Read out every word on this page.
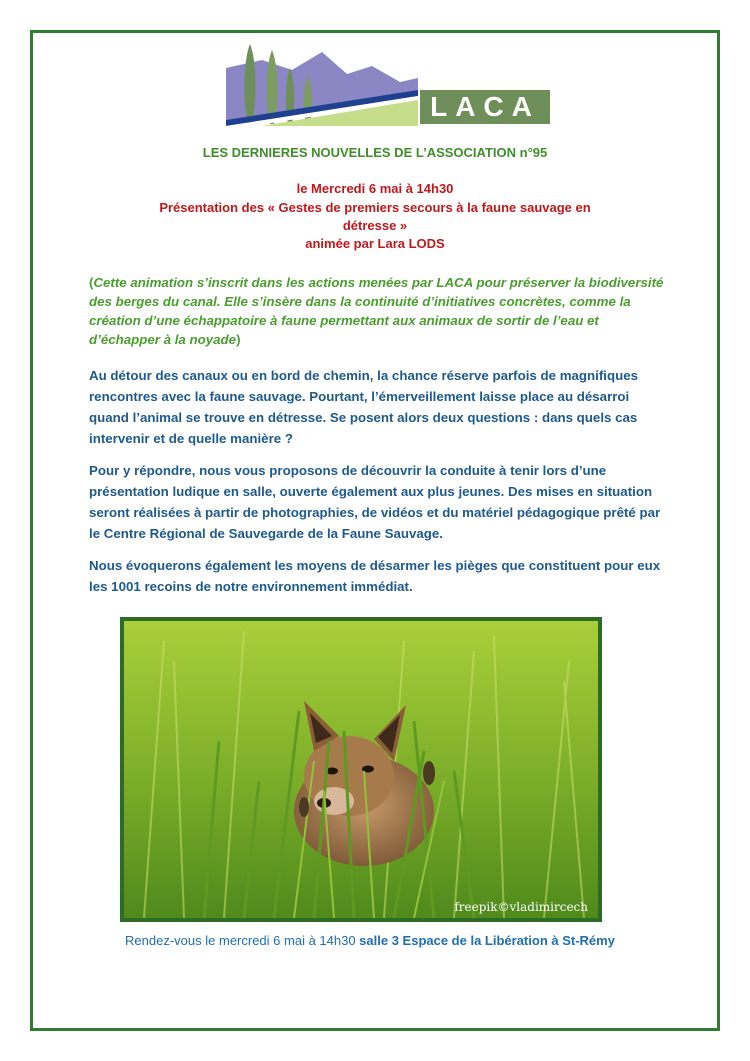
LACA
LES DERNIERES NOUVELLES DE L’ASSOCIATION n°95
le Mercredi 6 mai à 14h30
Présentation des « Gestes de premiers secours à la faune sauvage en
détresse »
animée par Lara LODS
(Cette animation s’inscrit dans les actions menées par LACA pour préserver la biodiversité des berges du canal. Elle s’insère dans la continuité d’initiatives concrètes, comme la création d’une échappatoire à faune permettant aux animaux de sortir de l’eau et d’échapper à la noyade)
Au détour des canaux ou en bord de chemin, la chance réserve parfois de magnifiques rencontres avec la faune sauvage. Pourtant, l’émerveillement laisse place au désarroi quand l’animal se trouve en détresse. Se posent alors deux questions : dans quels cas intervenir et de quelle manière ?
Pour y répondre, nous vous proposons de découvrir la conduite à tenir lors d’une présentation ludique en salle, ouverte également aux plus jeunes. Des mises en situation seront réalisées à partir de photographies, de vidéos et du matériel pédagogique prêté par le Centre Régional de Sauvegarde de la Faune Sauvage.
Nous évoquerons également les moyens de désarmer les pièges que constituent pour eux les 1001 recoins de notre environnement immédiat.
freepik©vladimircech
Rendez-vous le mercredi 6 mai à 14h30 salle 3 Espace de la Libération à St-Rémy
